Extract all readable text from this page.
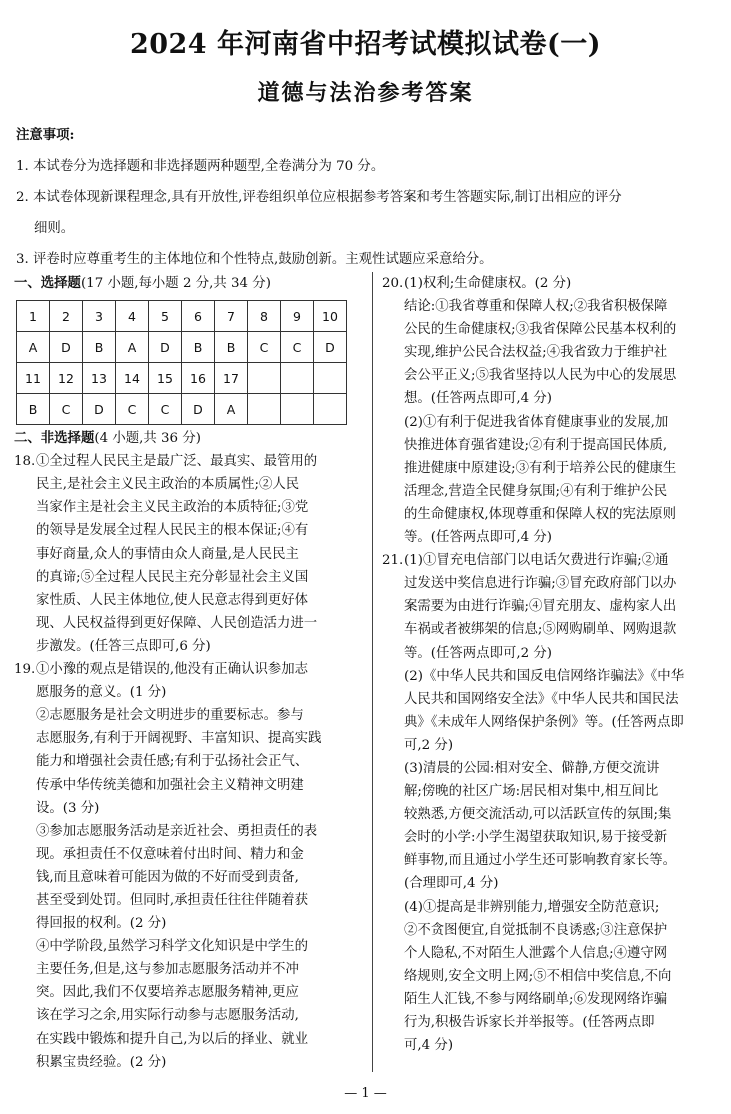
2024 年河南省中招考试模拟试卷(一)
道德与法治参考答案
注意事项:
1. 本试卷分为选择题和非选择题两种题型,全卷满分为 70 分。
2. 本试卷体现新课程理念,具有开放性,评卷组织单位应根据参考答案和考生答题实际,制订出相应的评分
细则。
3. 评卷时应尊重考生的主体地位和个性特点,鼓励创新。主观性试题应采意给分。
一、选择题(17 小题,每小题 2 分,共 34 分)
1	2	3	4	5	6	7	8	9	10
A	D	B	A	D	B	B	C	C	D
11	12	13	14	15	16	17			
B	C	D	C	C	D	A			
二、非选择题(4 小题,共 36 分)
18. ①全过程人民民主是最广泛、最真实、最管用的
民主,是社会主义民主政治的本质属性;②人民
当家作主是社会主义民主政治的本质特征;③党
的领导是发展全过程人民民主的根本保证;④有
事好商量,众人的事情由众人商量,是人民民主
的真谛;⑤全过程人民民主充分彰显社会主义国
家性质、人民主体地位,使人民意志得到更好体
现、人民权益得到更好保障、人民创造活力进一
步激发。(任答三点即可,6 分)
19. ①小豫的观点是错误的,他没有正确认识参加志
愿服务的意义。(1 分)
②志愿服务是社会文明进步的重要标志。参与
志愿服务,有利于开阔视野、丰富知识、提高实践
能力和增强社会责任感;有利于弘扬社会正气、
传承中华传统美德和加强社会主义精神文明建
设。(3 分)
③参加志愿服务活动是亲近社会、勇担责任的表
现。承担责任不仅意味着付出时间、精力和金
钱,而且意味着可能因为做的不好而受到责备,
甚至受到处罚。但同时,承担责任往往伴随着获
得回报的权利。(2 分)
④中学阶段,虽然学习科学文化知识是中学生的
主要任务,但是,这与参加志愿服务活动并不冲
突。因此,我们不仅要培养志愿服务精神,更应
该在学习之余,用实际行动参与志愿服务活动,
在实践中锻炼和提升自己,为以后的择业、就业
积累宝贵经验。(2 分)
20. (1)权利;生命健康权。(2 分)
结论:①我省尊重和保障人权;②我省积极保障
公民的生命健康权;③我省保障公民基本权利的
实现,维护公民合法权益;④我省致力于维护社
会公平正义;⑤我省坚持以人民为中心的发展思
想。(任答两点即可,4 分)
(2)①有利于促进我省体育健康事业的发展,加
快推进体育强省建设;②有利于提高国民体质,
推进健康中原建设;③有利于培养公民的健康生
活理念,营造全民健身氛围;④有利于维护公民
的生命健康权,体现尊重和保障人权的宪法原则
等。(任答两点即可,4 分)
21. (1)①冒充电信部门以电话欠费进行诈骗;②通
过发送中奖信息进行诈骗;③冒充政府部门以办
案需要为由进行诈骗;④冒充朋友、虚构家人出
车祸或者被绑架的信息;⑤网购刷单、网购退款
等。(任答两点即可,2 分)
(2)《中华人民共和国反电信网络诈骗法》《中华
人民共和国网络安全法》《中华人民共和国民法
典》《未成年人网络保护条例》等。(任答两点即
可,2 分)
(3)清晨的公园:相对安全、僻静,方便交流讲
解;傍晚的社区广场:居民相对集中,相互间比
较熟悉,方便交流活动,可以活跃宣传的氛围;集
会时的小学:小学生渴望获取知识,易于接受新
鲜事物,而且通过小学生还可影响教育家长等。
(合理即可,4 分)
(4)①提高是非辨别能力,增强安全防范意识;
②不贪图便宜,自觉抵制不良诱惑;③注意保护
个人隐私,不对陌生人泄露个人信息;④遵守网
络规则,安全文明上网;⑤不相信中奖信息,不向
陌生人汇钱,不参与网络刷单;⑥发现网络诈骗
行为,积极告诉家长并举报等。(任答两点即
可,4 分)
— 1 —
